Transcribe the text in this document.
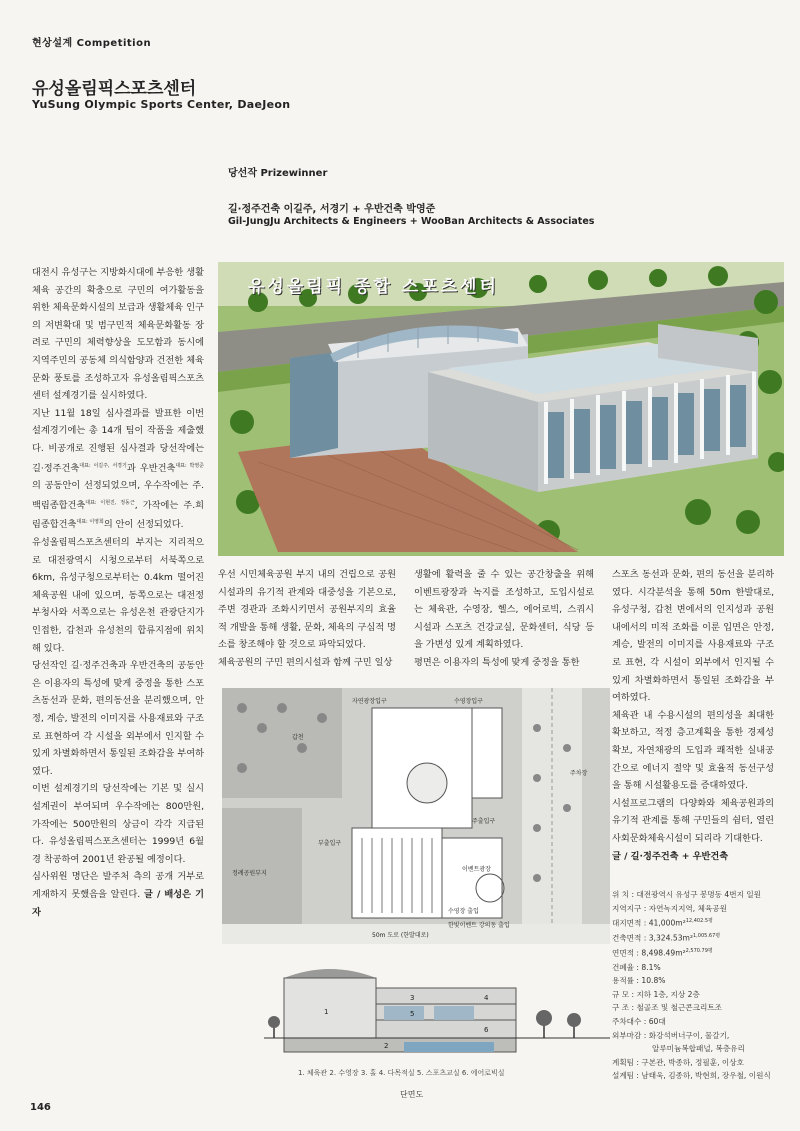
현상설계 Competition
유성올림픽스포츠센터
YuSung Olympic Sports Center, DaeJeon
당선작 Prizewinner
길·정주건축 이길주, 서경기 + 우반건축 박영준
Gil-JungJu Architects & Engineers + WooBan Architects & Associates
유성올림픽 종합 스포츠센터

대전시 유성구는 지방화시대에 부응한 생활체육 공간의 확충으로 구민의 여가활동을 위한 체육문화시설의 보급과 생활체육 인구의 저변확대 및 범구민적 체육문화활동 장려로 구민의 체력향상을 도모함과 동시에 지역주민의 공동체 의식함양과 건전한 체육문화 풍토를 조성하고자 유성올림픽스포츠센터 설계경기를 실시하였다.

지난 11월 18일 심사결과를 발표한 이번 설계경기에는 총 14개 팀이 작품을 제출했다. 비공개로 진행된 심사결과 당선작에는 길·정주건축$^{대표: 이길주, 서경기}$과 우반건축$^{대표: 박영준}$의 공동안이 선정되었으며, 우수작에는 주.백림종합건축$^{대표: 이현진, 정동근}$, 가작에는 주.희림종합건축$^{대표: 이영희}$의 안이 선정되었다.

유성올림픽스포츠센터의 부지는 지리적으로 대전광역시 시청으로부터 서북쪽으로 6km, 유성구청으로부터는 0.4km 떨어진 체육공원 내에 있으며, 동쪽으로는 대전정부청사와 서쪽으로는 유성온천 관광단지가 인접한, 갑천과 유성천의 합류지점에 위치해 있다.

당선작인 길·정주건축과 우반건축의 공동안은 이용자의 특성에 맞게 중정을 통한 스포츠동선과 문화, 편의동선을 분리했으며, 안정, 계승, 발전의 이미지를 사용재료와 구조로 표현하여 각 시설을 외부에서 인지할 수 있게 차별화하면서 통일된 조화감을 부여하였다.

이번 설계경기의 당선작에는 기본 및 실시설계권이 부여되며 우수작에는 800만원, 가작에는 500만원의 상금이 각각 지급된다. 유성올림픽스포츠센터는 1999년 6월경 착공하여 2001년 완공될 예정이다.

심사위원 명단은 발주처 측의 공개 거부로 게재하지 못했음을 알린다. 글 / 배성은 기자

우선 시민체육공원 부지 내의 건립으로 공원시설과의 유기적 관계와 대중성을 기본으로, 주변 경관과 조화시키면서 공원부지의 효율적 개발을 통해 생활, 문화, 체육의 구심적 명소를 창조해야 할 것으로 파악되었다.

체육공원의 구민 편의시설과 함께 구민 일상

생활에 활력을 줄 수 있는 공간창출을 위해 이벤트광장과 녹지를 조성하고, 도입시설로는 체육관, 수영장, 헬스, 에어로빅, 스쿼시 시설과 스포츠 건강교실, 문화센터, 식당 등을 가변성 있게 계획하였다.

평면은 이용자의 특성에 맞게 중정을 통한

스포츠 동선과 문화, 편의 동선을 분리하였다. 시각분석을 통해 50m 한발대로, 유성구청, 갑천 변에서의 인지성과 공원 내에서의 미적 조화를 이룬 입면은 안정, 계승, 발전의 이미지를 사용재료와 구조로 표현, 각 시설이 외부에서 인지될 수 있게 차별화하면서 통일된 조화감을 부여하였다.

체육관 내 수용시설의 편의성을 최대한 확보하고, 적정 층고계획을 통한 경제성 확보, 자연채광의 도입과 쾌적한 실내공간으로 에너지 절약 및 효율적 동선구성을 통해 시설활용도를 증대하였다.

시설프로그램의 다양화와 체육공원과의 유기적 관계를 통해 구민들의 쉼터, 열린 사회문화체육시설이 되리라 기대한다.

글 / 길·정주건축 + 우반건축

갑천
자연광장입구	수영장입구
주차장
부출입구
주출입구
정례공원부지
50m 도로 (한발대로)
이벤트광장
한빛이벤트 강의동 출입
수영장 출입
1
2
3	4
5
6
1. 체육관 2. 수영장 3. 홀 4. 다목적실 5. 스포츠교실 6. 에어로빅실
단면도
위 치 : 대전광역시 유성구 봉명동 4번지 일원
지역지구 : 자연녹지지역, 체육공원
대지면적 : 41,000m²$^{12,402.5평}$
건축면적 : 3,324.53m²$^{1,005.67평}$
연면적 : 8,498.49m²$^{2,570.79평}$
건폐율 : 8.1%
용적률 : 10.8%
규 모 : 지하 1층, 지상 2층
구 조 : 철골조 및 철근콘크리트조
주차대수 : 60대
외부마감 : 화강석버너구이, 물갈기,
알루미늄복합패널, 복층유리
계획팀 : 구본관, 박종하, 정필훈, 이상호
설계팀 : 남태욱, 김종하, 박현희, 장우철, 이원식
146
